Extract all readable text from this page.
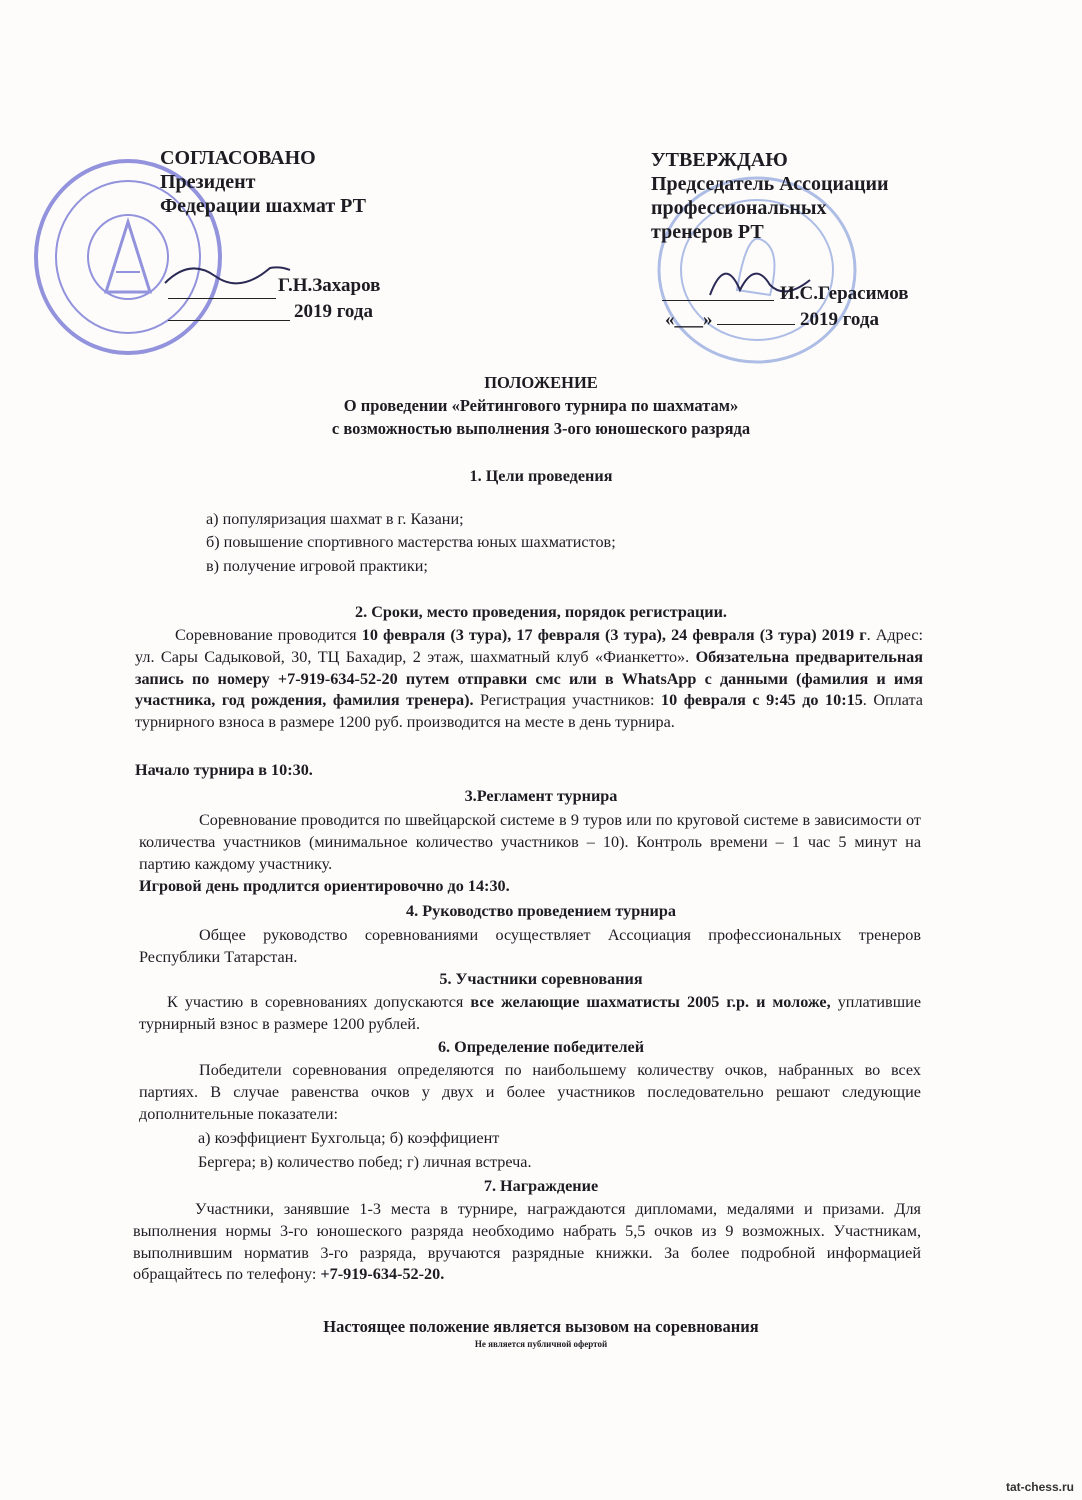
СОГЛАСОВАНО
Президент
Федерации шахмат РТ
Г.Н.Захаров
2019 года
УТВЕРЖДАЮ
Председатель Ассоциации
профессиональных
тренеров РТ
И.С.Герасимов
«___»	2019 года
ПОЛОЖЕНИЕ
О проведении «Рейтингового турнира по шахматам»
с возможностью выполнения 3-ого юношеского разряда
1. Цели проведения
а) популяризация шахмат в г. Казани;
б) повышение спортивного мастерства юных шахматистов;
в) получение игровой практики;
2. Сроки, место проведения, порядок регистрации.
Соревнование проводится 10 февраля (3 тура), 17 февраля (3 тура), 24 февраля (3 тура) 2019 г. Адрес: ул. Сары Садыковой, 30, ТЦ Бахадир, 2 этаж, шахматный клуб «Фианкетто». Обязательна предварительная запись по номеру +7-919-634-52-20 путем отправки смс или в WhatsApp с данными (фамилия и имя участника, год рождения, фамилия тренера). Регистрация участников: 10 февраля с 9:45 до 10:15. Оплата турнирного взноса в размере 1200 руб. производится на месте в день турнира.
Начало турнира в 10:30.
3.Регламент турнира
Соревнование проводится по швейцарской системе в 9 туров или по круговой системе в зависимости от количества участников (минимальное количество участников – 10). Контроль времени – 1 час 5 минут на партию каждому участнику.
Игровой день продлится ориентировочно до 14:30.
4. Руководство проведением турнира
Общее руководство соревнованиями осуществляет Ассоциация профессиональных тренеров Республики Татарстан.
5. Участники соревнования
К участию в соревнованиях допускаются все желающие шахматисты 2005 г.р. и моложе, уплатившие турнирный взнос в размере 1200 рублей.
6. Определение победителей
Победители соревнования определяются по наибольшему количеству очков, набранных во всех партиях. В случае равенства очков у двух и более участников последовательно решают следующие дополнительные показатели:
а) коэффициент Бухгольца; б) коэффициент
Бергера; в) количество побед; г) личная встреча.
7. Награждение
Участники, занявшие 1-3 места в турнире, награждаются дипломами, медалями и призами. Для выполнения нормы 3-го юношеского разряда необходимо набрать 5,5 очков из 9 возможных. Участникам, выполнившим норматив 3-го разряда, вручаются разрядные книжки. За более подробной информацией обращайтесь по телефону: +7-919-634-52-20.
Настоящее положение является вызовом на соревнования
Не является публичной офертой
tat-chess.ru
